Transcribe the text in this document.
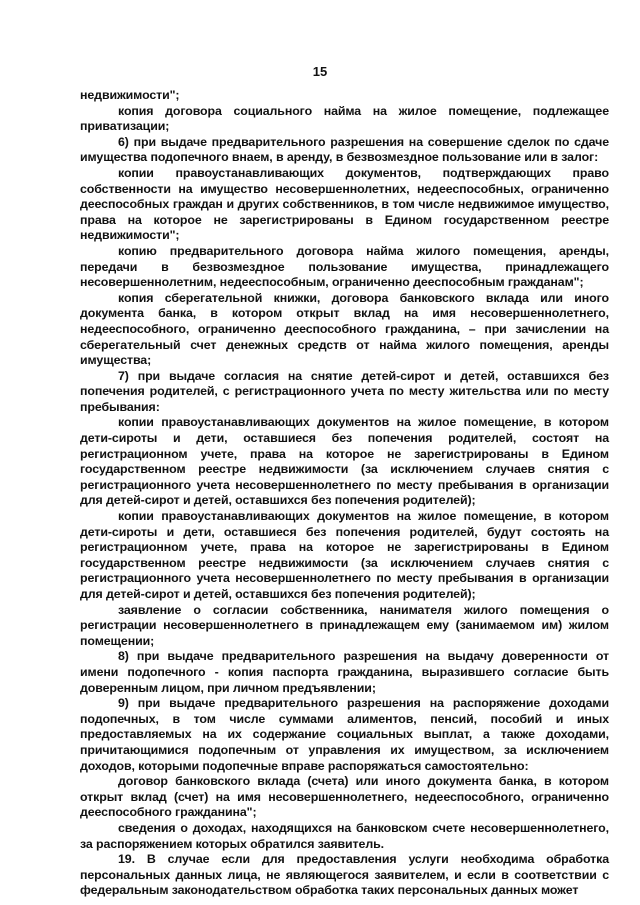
15

недвижимости";

копия договора социального найма на жилое помещение, подлежащее приватизации;

6) при выдаче предварительного разрешения на совершение сделок по сдаче имущества подопечного внаем, в аренду, в безвозмездное пользование или в залог:

копии правоустанавливающих документов, подтверждающих право собственности на имущество несовершеннолетних, недееспособных, ограниченно дееспособных граждан и других собственников, в том числе недвижимое имущество, права на которое не зарегистрированы в Едином государственном реестре недвижимости";

копию предварительного договора найма жилого помещения, аренды, передачи в безвозмездное пользование имущества, принадлежащего несовершеннолетним, недееспособным, ограниченно дееспособным гражданам";

копия сберегательной книжки, договора банковского вклада или иного документа банка, в котором открыт вклад на имя несовершеннолетнего, недееспособного, ограниченно дееспособного гражданина, – при зачислении на сберегательный счет денежных средств от найма жилого помещения, аренды имущества;

7) при выдаче согласия на снятие детей-сирот и детей, оставшихся без попечения родителей, с регистрационного учета по месту жительства или по месту пребывания:

копии правоустанавливающих документов на жилое помещение, в котором дети-сироты и дети, оставшиеся без попечения родителей, состоят на регистрационном учете, права на которое не зарегистрированы в Едином государственном реестре недвижимости (за исключением случаев снятия с регистрационного учета несовершеннолетнего по месту пребывания в организации для детей-сирот и детей, оставшихся без попечения родителей);

копии правоустанавливающих документов на жилое помещение, в котором дети-сироты и дети, оставшиеся без попечения родителей, будут состоять на регистрационном учете, права на которое не зарегистрированы в Едином государственном реестре недвижимости (за исключением случаев снятия с регистрационного учета несовершеннолетнего по месту пребывания в организации для детей-сирот и детей, оставшихся без попечения родителей);

заявление о согласии собственника, нанимателя жилого помещения о регистрации несовершеннолетнего в принадлежащем ему (занимаемом им) жилом помещении;

8) при выдаче предварительного разрешения на выдачу доверенности от имени подопечного - копия паспорта гражданина, выразившего согласие быть доверенным лицом, при личном предъявлении;

9) при выдаче предварительного разрешения на распоряжение доходами подопечных, в том числе суммами алиментов, пенсий, пособий и иных предоставляемых на их содержание социальных выплат, а также доходами, причитающимися подопечным от управления их имуществом, за исключением доходов, которыми подопечные вправе распоряжаться самостоятельно:

договор банковского вклада (счета) или иного документа банка, в котором открыт вклад (счет) на имя несовершеннолетнего, недееспособного, ограниченно дееспособного гражданина";

сведения о доходах, находящихся на банковском счете несовершеннолетнего, за распоряжением которых обратился заявитель.

19. В случае если для предоставления услуги необходима обработка персональных данных лица, не являющегося заявителем, и если в соответствии с федеральным законодательством обработка таких персональных данных может
